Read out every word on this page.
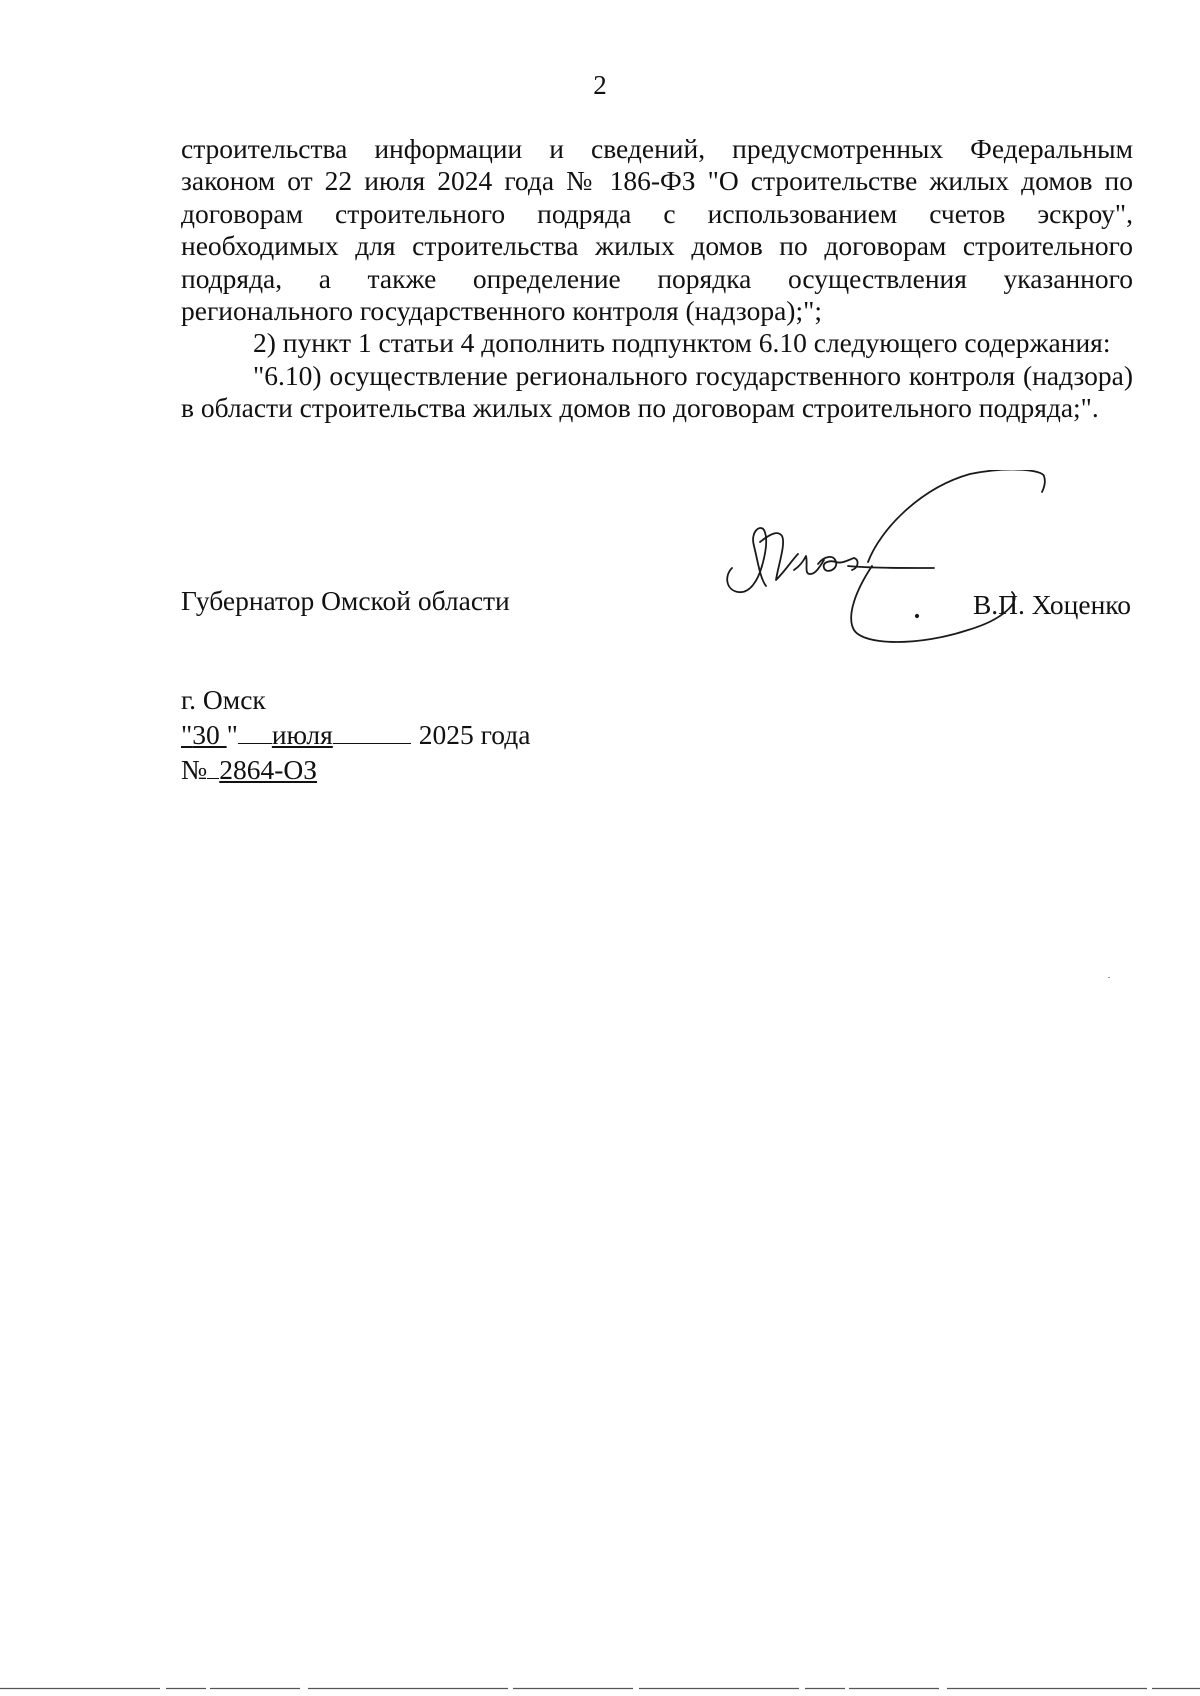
2

строительства информации и сведений, предусмотренных Федеральным законом от 22 июля 2024 года № 186-ФЗ "О строительстве жилых домов по договорам строительного подряда с использованием счетов эскроу", необходимых для строительства жилых домов по договорам строительного подряда, а также определение порядка осуществления указанного регионального государственного контроля (надзора);";

2) пункт 1 статьи 4 дополнить подпунктом 6.10 следующего содержания:

"6.10) осуществление регионального государственного контроля (надзора) в области строительства жилых домов по договорам строительного подряда;".

Губернатор Омской области	В.П. Хоценко
г. Омск
"30 " июля	2025 года
№ 2864-ОЗ
